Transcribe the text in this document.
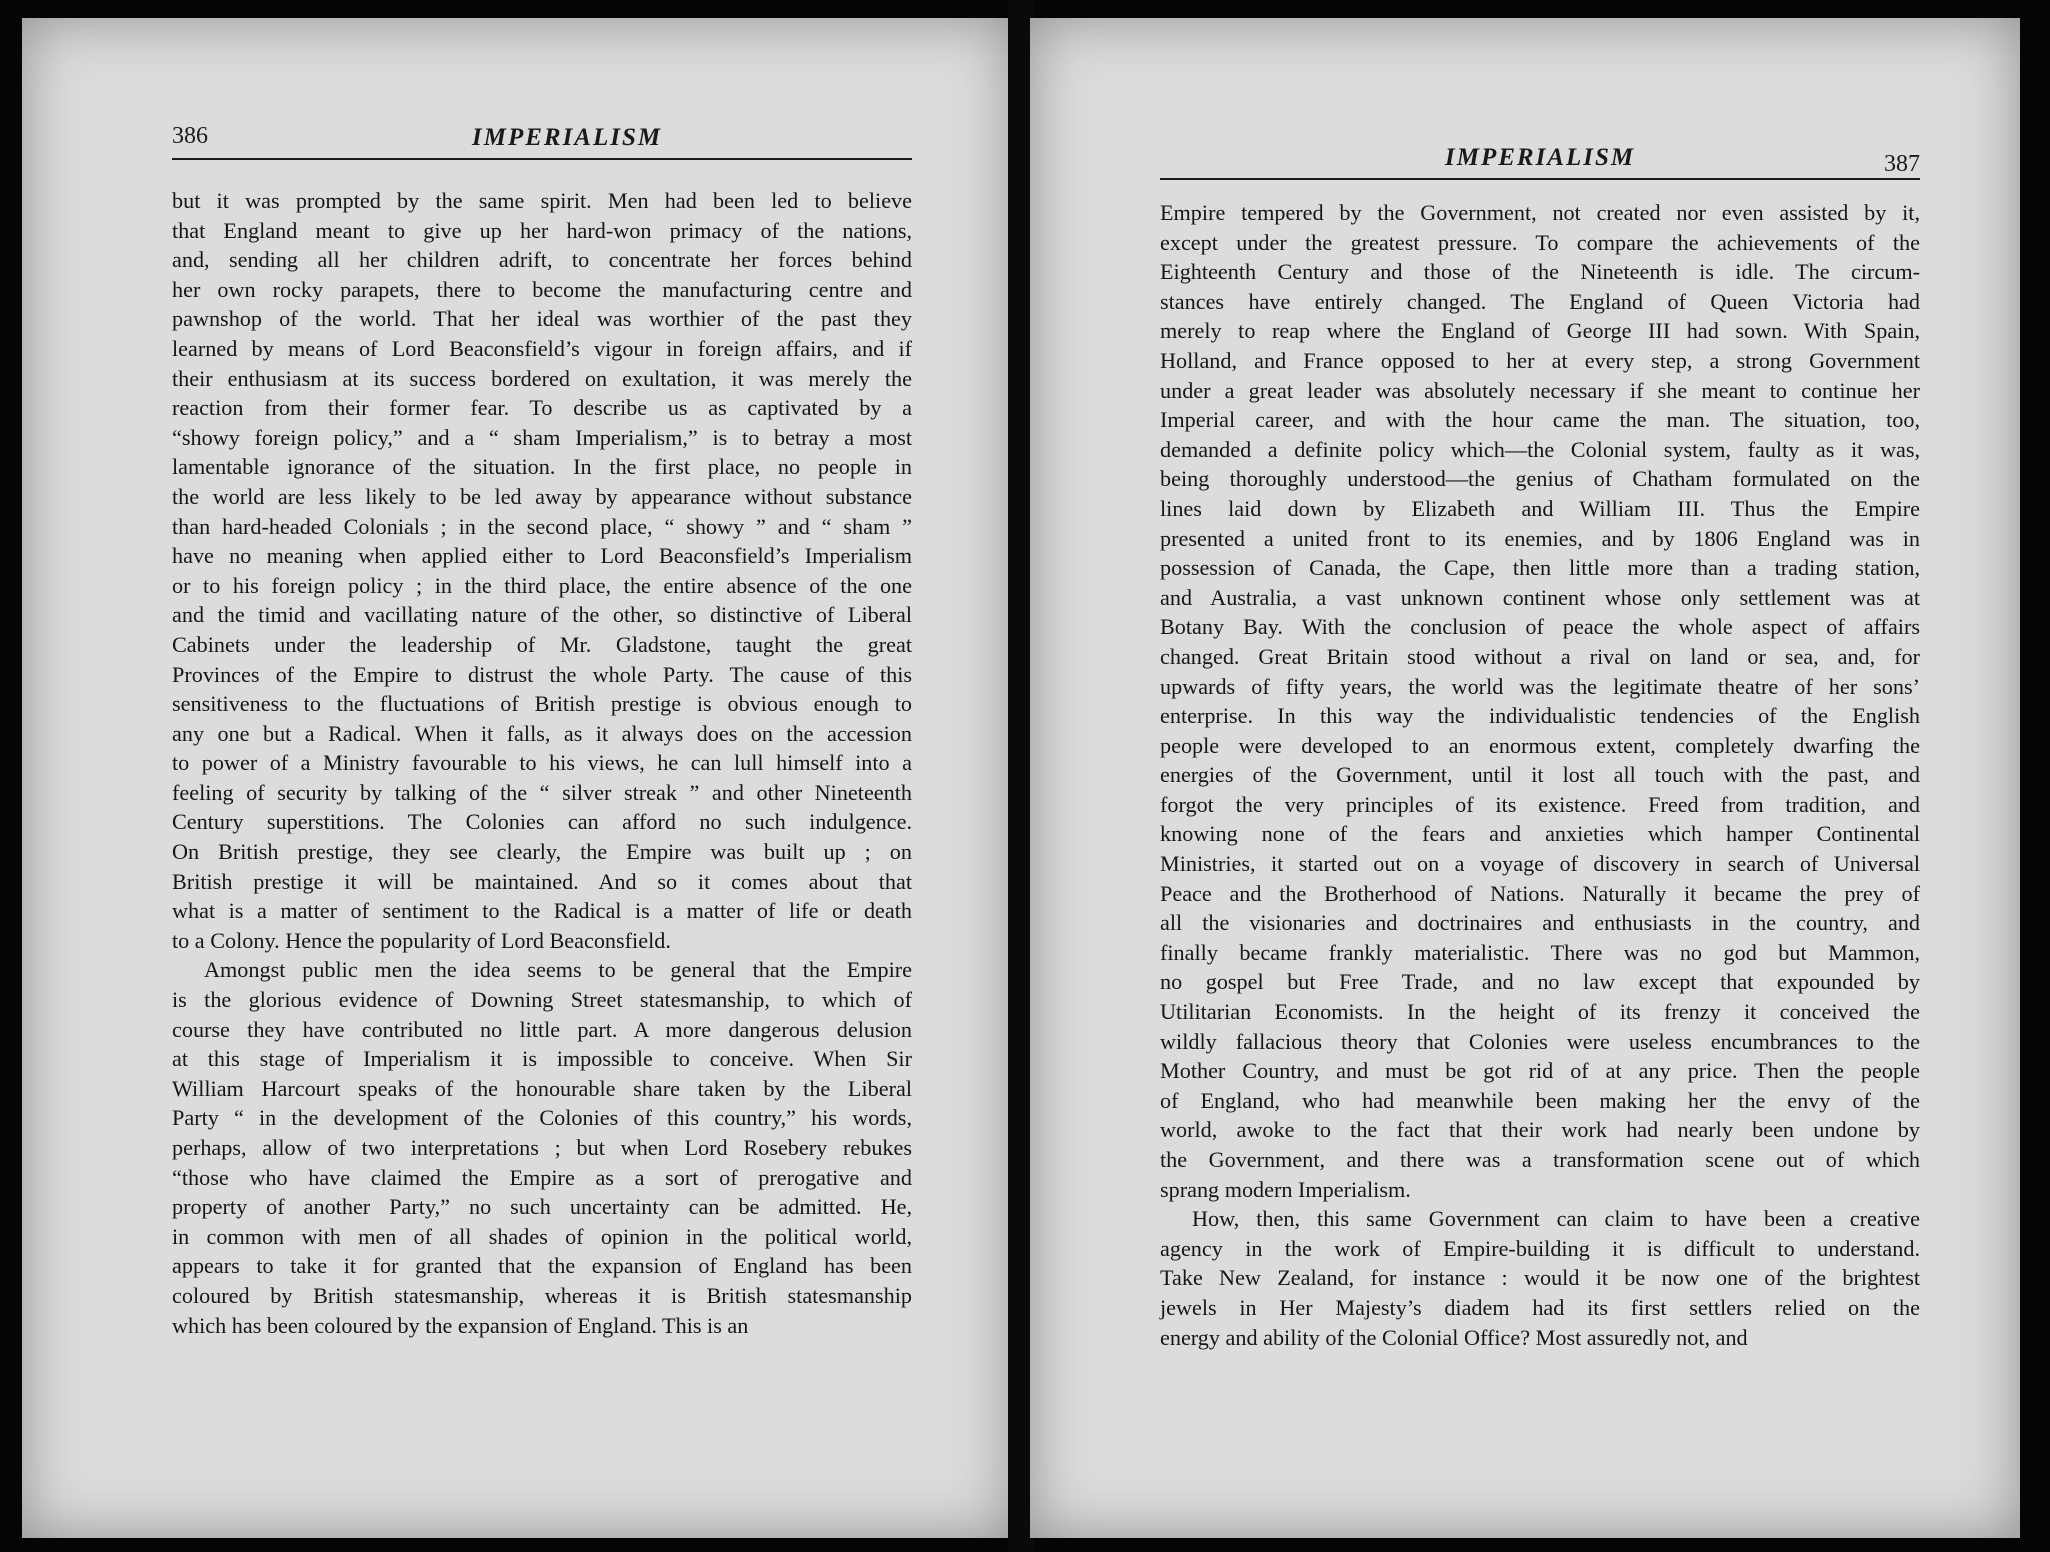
386	IMPERIALISM

but it was prompted by the same spirit. Men had been led to believe
that England meant to give up her hard-won primacy of the nations,
and, sending all her children adrift, to concentrate her forces behind
her own rocky parapets, there to become the manufacturing centre and
pawnshop of the world. That her ideal was worthier of the past they
learned by means of Lord Beaconsfield’s vigour in foreign affairs, and if
their enthusiasm at its success bordered on exultation, it was merely the
reaction from their former fear. To describe us as captivated by a
“showy foreign policy,” and a “ sham Imperialism,” is to betray a most
lamentable ignorance of the situation. In the first place, no people in
the world are less likely to be led away by appearance without substance
than hard-headed Colonials ; in the second place, “ showy ” and “ sham ”
have no meaning when applied either to Lord Beaconsfield’s Imperialism
or to his foreign policy ; in the third place, the entire absence of the one
and the timid and vacillating nature of the other, so distinctive of Liberal
Cabinets under the leadership of Mr. Gladstone, taught the great
Provinces of the Empire to distrust the whole Party. The cause of this
sensitiveness to the fluctuations of British prestige is obvious enough to
any one but a Radical. When it falls, as it always does on the accession
to power of a Ministry favourable to his views, he can lull himself into a
feeling of security by talking of the “ silver streak ” and other Nineteenth
Century superstitions. The Colonies can afford no such indulgence.
On British prestige, they see clearly, the Empire was built up ; on
British prestige it will be maintained. And so it comes about that
what is a matter of sentiment to the Radical is a matter of life or death
to a Colony. Hence the popularity of Lord Beaconsfield.

Amongst public men the idea seems to be general that the Empire
is the glorious evidence of Downing Street statesmanship, to which of
course they have contributed no little part. A more dangerous delusion
at this stage of Imperialism it is impossible to conceive. When Sir
William Harcourt speaks of the honourable share taken by the Liberal
Party “ in the development of the Colonies of this country,” his words,
perhaps, allow of two interpretations ; but when Lord Rosebery rebukes
“those who have claimed the Empire as a sort of prerogative and
property of another Party,” no such uncertainty can be admitted. He,
in common with men of all shades of opinion in the political world,
appears to take it for granted that the expansion of England has been
coloured by British statesmanship, whereas it is British statesmanship
which has been coloured by the expansion of England. This is an

IMPERIALISM	387

Empire tempered by the Government, not created nor even assisted by it,
except under the greatest pressure. To compare the achievements of the
Eighteenth Century and those of the Nineteenth is idle. The circum-
stances have entirely changed. The England of Queen Victoria had
merely to reap where the England of George III had sown. With Spain,
Holland, and France opposed to her at every step, a strong Government
under a great leader was absolutely necessary if she meant to continue her
Imperial career, and with the hour came the man. The situation, too,
demanded a definite policy which—the Colonial system, faulty as it was,
being thoroughly understood—the genius of Chatham formulated on the
lines laid down by Elizabeth and William III. Thus the Empire
presented a united front to its enemies, and by 1806 England was in
possession of Canada, the Cape, then little more than a trading station,
and Australia, a vast unknown continent whose only settlement was at
Botany Bay. With the conclusion of peace the whole aspect of affairs
changed. Great Britain stood without a rival on land or sea, and, for
upwards of fifty years, the world was the legitimate theatre of her sons’
enterprise. In this way the individualistic tendencies of the English
people were developed to an enormous extent, completely dwarfing the
energies of the Government, until it lost all touch with the past, and
forgot the very principles of its existence. Freed from tradition, and
knowing none of the fears and anxieties which hamper Continental
Ministries, it started out on a voyage of discovery in search of Universal
Peace and the Brotherhood of Nations. Naturally it became the prey of
all the visionaries and doctrinaires and enthusiasts in the country, and
finally became frankly materialistic. There was no god but Mammon,
no gospel but Free Trade, and no law except that expounded by
Utilitarian Economists. In the height of its frenzy it conceived the
wildly fallacious theory that Colonies were useless encumbrances to the
Mother Country, and must be got rid of at any price. Then the people
of England, who had meanwhile been making her the envy of the
world, awoke to the fact that their work had nearly been undone by
the Government, and there was a transformation scene out of which
sprang modern Imperialism.

How, then, this same Government can claim to have been a creative
agency in the work of Empire-building it is difficult to understand.
Take New Zealand, for instance : would it be now one of the brightest
jewels in Her Majesty’s diadem had its first settlers relied on the
energy and ability of the Colonial Office? Most assuredly not, and
